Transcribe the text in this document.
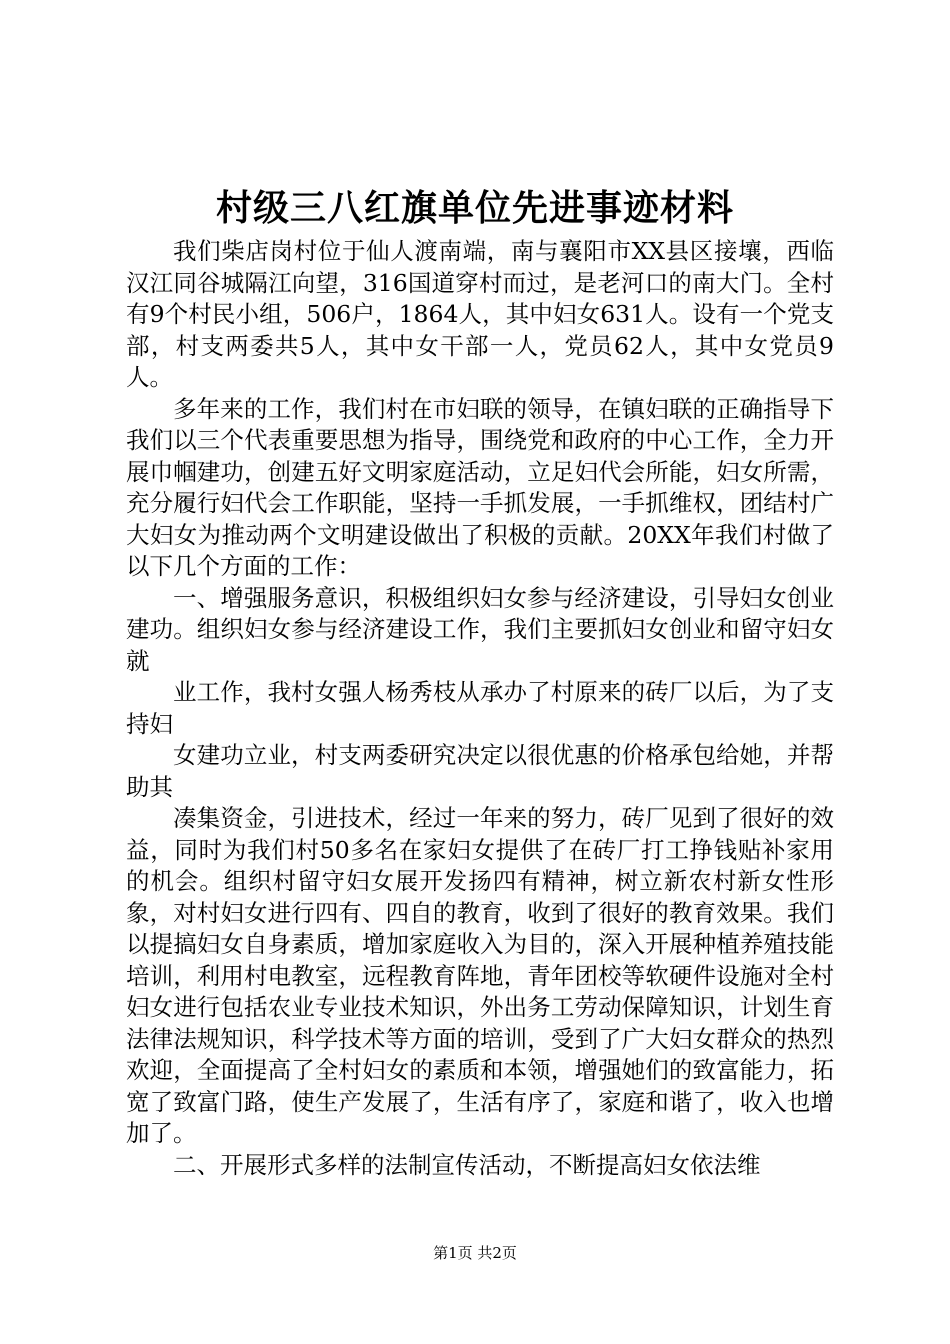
村级三八红旗单位先进事迹材料

我们柴店岗村位于仙人渡南端，南与襄阳市XX县区接壤，西临汉江同谷城隔江向望，316国道穿村而过，是老河口的南大门。全村有9个村民小组，506户，1864人，其中妇女631人。设有一个党支部，村支两委共5人，其中女干部一人，党员62人，其中女党员9人。

多年来的工作，我们村在市妇联的领导，在镇妇联的正确指导下我们以三个代表重要思想为指导，围绕党和政府的中心工作，全力开展巾帼建功，创建五好文明家庭活动，立足妇代会所能，妇女所需，充分履行妇代会工作职能，坚持一手抓发展，一手抓维权，团结村广大妇女为推动两个文明建设做出了积极的贡献。20XX年我们村做了以下几个方面的工作：

一、增强服务意识，积极组织妇女参与经济建设，引导妇女创业建功。组织妇女参与经济建设工作，我们主要抓妇女创业和留守妇女就

业工作，我村女强人杨秀枝从承办了村原来的砖厂以后，为了支持妇

女建功立业，村支两委研究决定以很优惠的价格承包给她，并帮助其

凑集资金，引进技术，经过一年来的努力，砖厂见到了很好的效益，同时为我们村50多名在家妇女提供了在砖厂打工挣钱贴补家用的机会。组织村留守妇女展开发扬四有精神，树立新农村新女性形象，对村妇女进行四有、四自的教育，收到了很好的教育效果。我们以提搞妇女自身素质，增加家庭收入为目的，深入开展种植养殖技能培训，利用村电教室，远程教育阵地，青年团校等软硬件设施对全村妇女进行包括农业专业技术知识，外出务工劳动保障知识，计划生育法律法规知识，科学技术等方面的培训，受到了广大妇女群众的热烈欢迎，全面提高了全村妇女的素质和本领，增强她们的致富能力，拓宽了致富门路，使生产发展了，生活有序了，家庭和谐了，收入也增加了。

二、开展形式多样的法制宣传活动，不断提高妇女依法维

第1页 共2页
